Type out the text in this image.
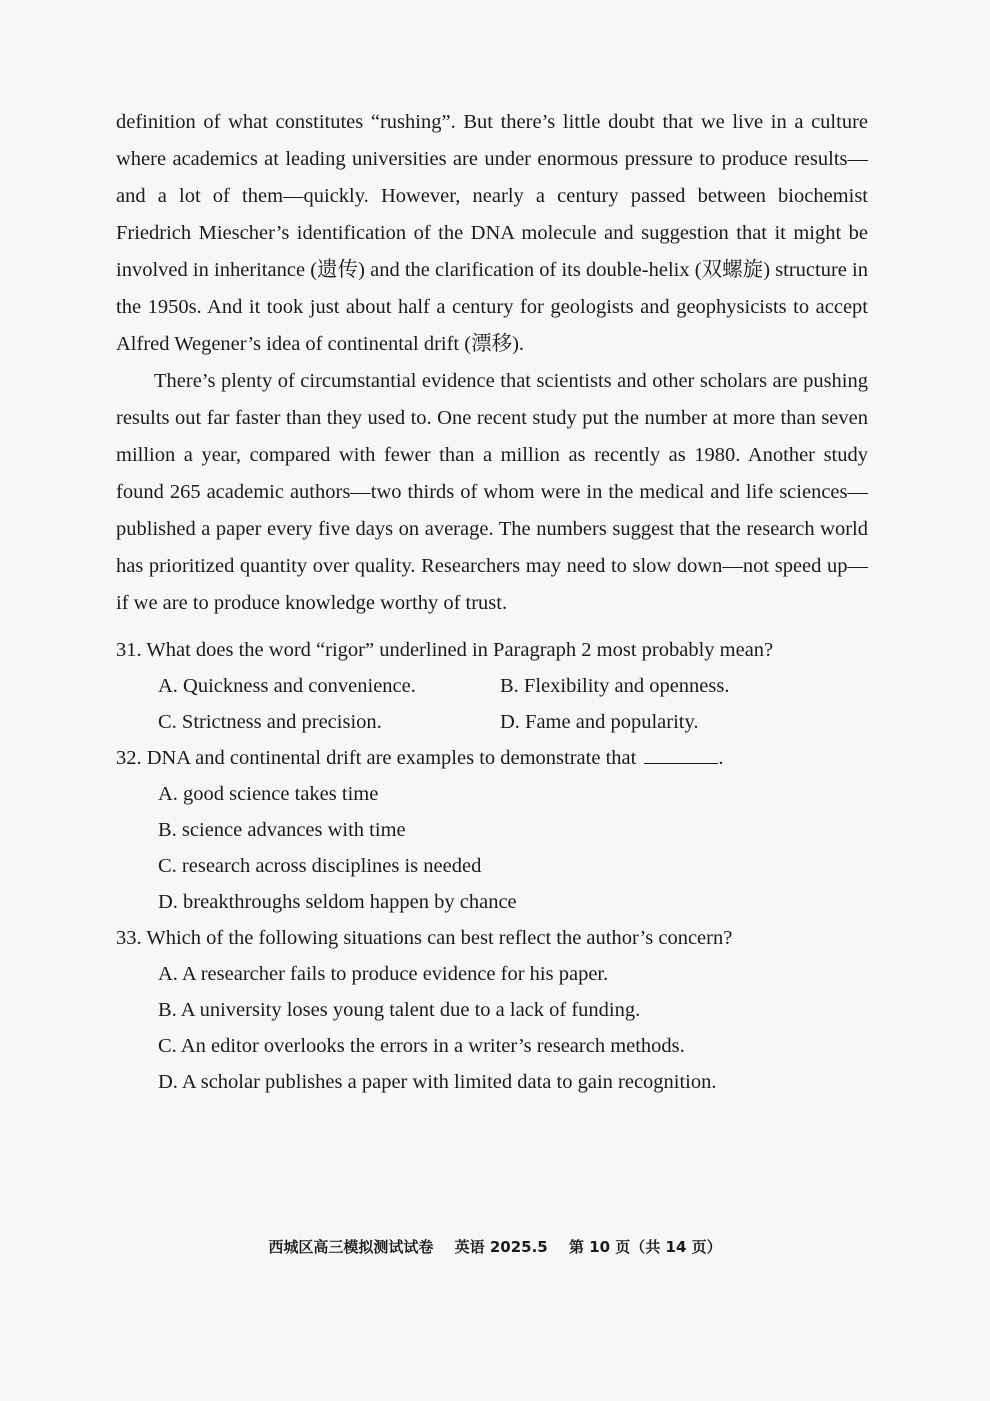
definition of what constitutes “rushing”. But there’s little doubt that we live in a culture where academics at leading universities are under enormous pressure to produce results—and a lot of them—quickly. However, nearly a century passed between biochemist Friedrich Miescher’s identification of the DNA molecule and suggestion that it might be involved in inheritance (遗传) and the clarification of its double-helix (双螺旋) structure in the 1950s. And it took just about half a century for geologists and geophysicists to accept Alfred Wegener’s idea of continental drift (漂移).

There’s plenty of circumstantial evidence that scientists and other scholars are pushing results out far faster than they used to. One recent study put the number at more than seven million a year, compared with fewer than a million as recently as 1980. Another study found 265 academic authors—two thirds of whom were in the medical and life sciences—published a paper every five days on average. The numbers suggest that the research world has prioritized quantity over quality. Researchers may need to slow down—not speed up—if we are to produce knowledge worthy of trust.

31. What does the word “rigor” underlined in Paragraph 2 most probably mean?

A. Quickness and convenience.	B. Flexibility and openness.

C. Strictness and precision.	D. Fame and popularity.

32. DNA and continental drift are examples to demonstrate that	.

A. good science takes time

B. science advances with time

C. research across disciplines is needed

D. breakthroughs seldom happen by chance

33. Which of the following situations can best reflect the author’s concern?

A. A researcher fails to produce evidence for his paper.

B. A university loses young talent due to a lack of funding.

C. An editor overlooks the errors in a writer’s research methods.

D. A scholar publishes a paper with limited data to gain recognition.

西城区高三模拟测试试卷 英语 2025.5 第 10 页（共 14 页）
